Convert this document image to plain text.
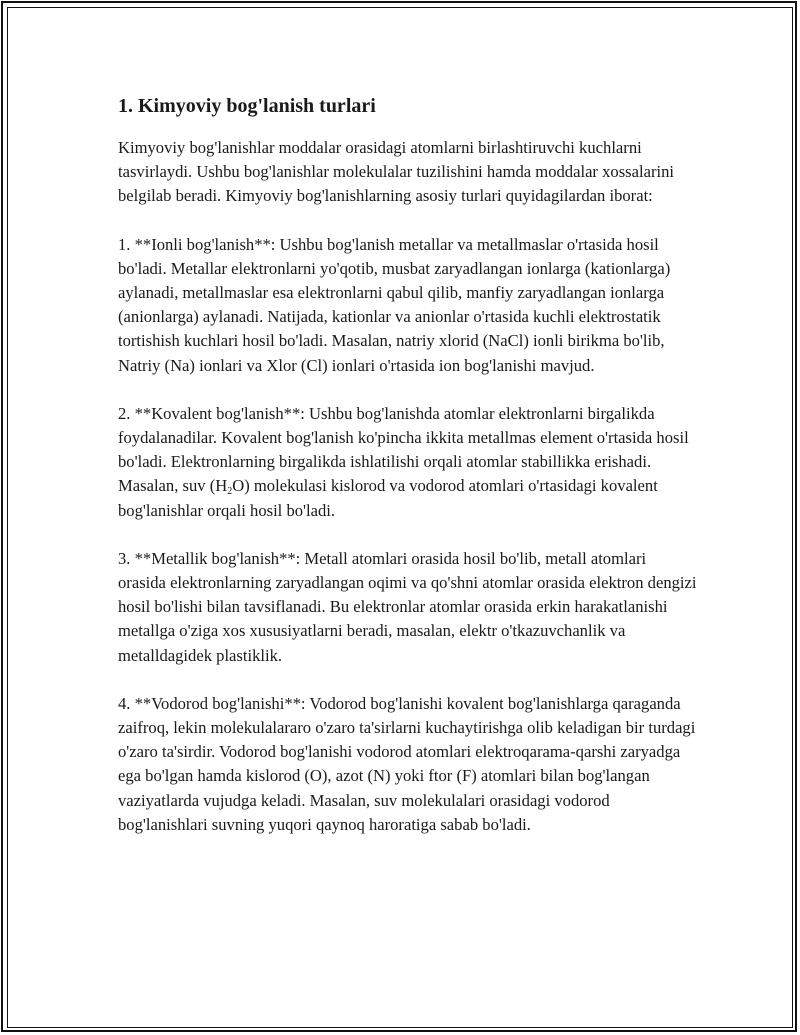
1. Kimyoviy bog'lanish turlari

Kimyoviy bog'lanishlar moddalar orasidagi atomlarni birlashtiruvchi kuchlarni tasvirlaydi. Ushbu bog'lanishlar molekulalar tuzilishini hamda moddalar xossalarini belgilab beradi. Kimyoviy bog'lanishlarning asosiy turlari quyidagilardan iborat:

1. **Ionli bog'lanish**: Ushbu bog'lanish metallar va metallmaslar o'rtasida hosil bo'ladi. Metallar elektronlarni yo'qotib, musbat zaryadlangan ionlarga (kationlarga) aylanadi, metallmaslar esa elektronlarni qabul qilib, manfiy zaryadlangan ionlarga (anionlarga) aylanadi. Natijada, kationlar va anionlar o'rtasida kuchli elektrostatik tortishish kuchlari hosil bo'ladi. Masalan, natriy xlorid (NaCl) ionli birikma bo'lib, Natriy (Na) ionlari va Xlor (Cl) ionlari o'rtasida ion bog'lanishi mavjud.

2. **Kovalent bog'lanish**: Ushbu bog'lanishda atomlar elektronlarni birgalikda foydalanadilar. Kovalent bog'lanish ko'pincha ikkita metallmas element o'rtasida hosil bo'ladi. Elektronlarning birgalikda ishlatilishi orqali atomlar stabillikka erishadi. Masalan, suv $(H_2O)$ molekulasi kislorod va vodorod atomlari o'rtasidagi kovalent bog'lanishlar orqali hosil bo'ladi.

3. **Metallik bog'lanish**: Metall atomlari orasida hosil bo'lib, metall atomlari orasida elektronlarning zaryadlangan oqimi va qo'shni atomlar orasida elektron dengizi hosil bo'lishi bilan tavsiflanadi. Bu elektronlar atomlar orasida erkin harakatlanishi metallga o'ziga xos xususiyatlarni beradi, masalan, elektr o'tkazuvchanlik va metalldagidek plastiklik.

4. **Vodorod bog'lanishi**: Vodorod bog'lanishi kovalent bog'lanishlarga qaraganda zaifroq, lekin molekulalararo o'zaro ta'sirlarni kuchaytirishga olib keladigan bir turdagi o'zaro ta'sirdir. Vodorod bog'lanishi vodorod atomlari elektroqarama-qarshi zaryadga ega bo'lgan hamda kislorod (O), azot (N) yoki ftor (F) atomlari bilan bog'langan vaziyatlarda vujudga keladi. Masalan, suv molekulalari orasidagi vodorod bog'lanishlari suvning yuqori qaynoq haroratiga sabab bo'ladi.
